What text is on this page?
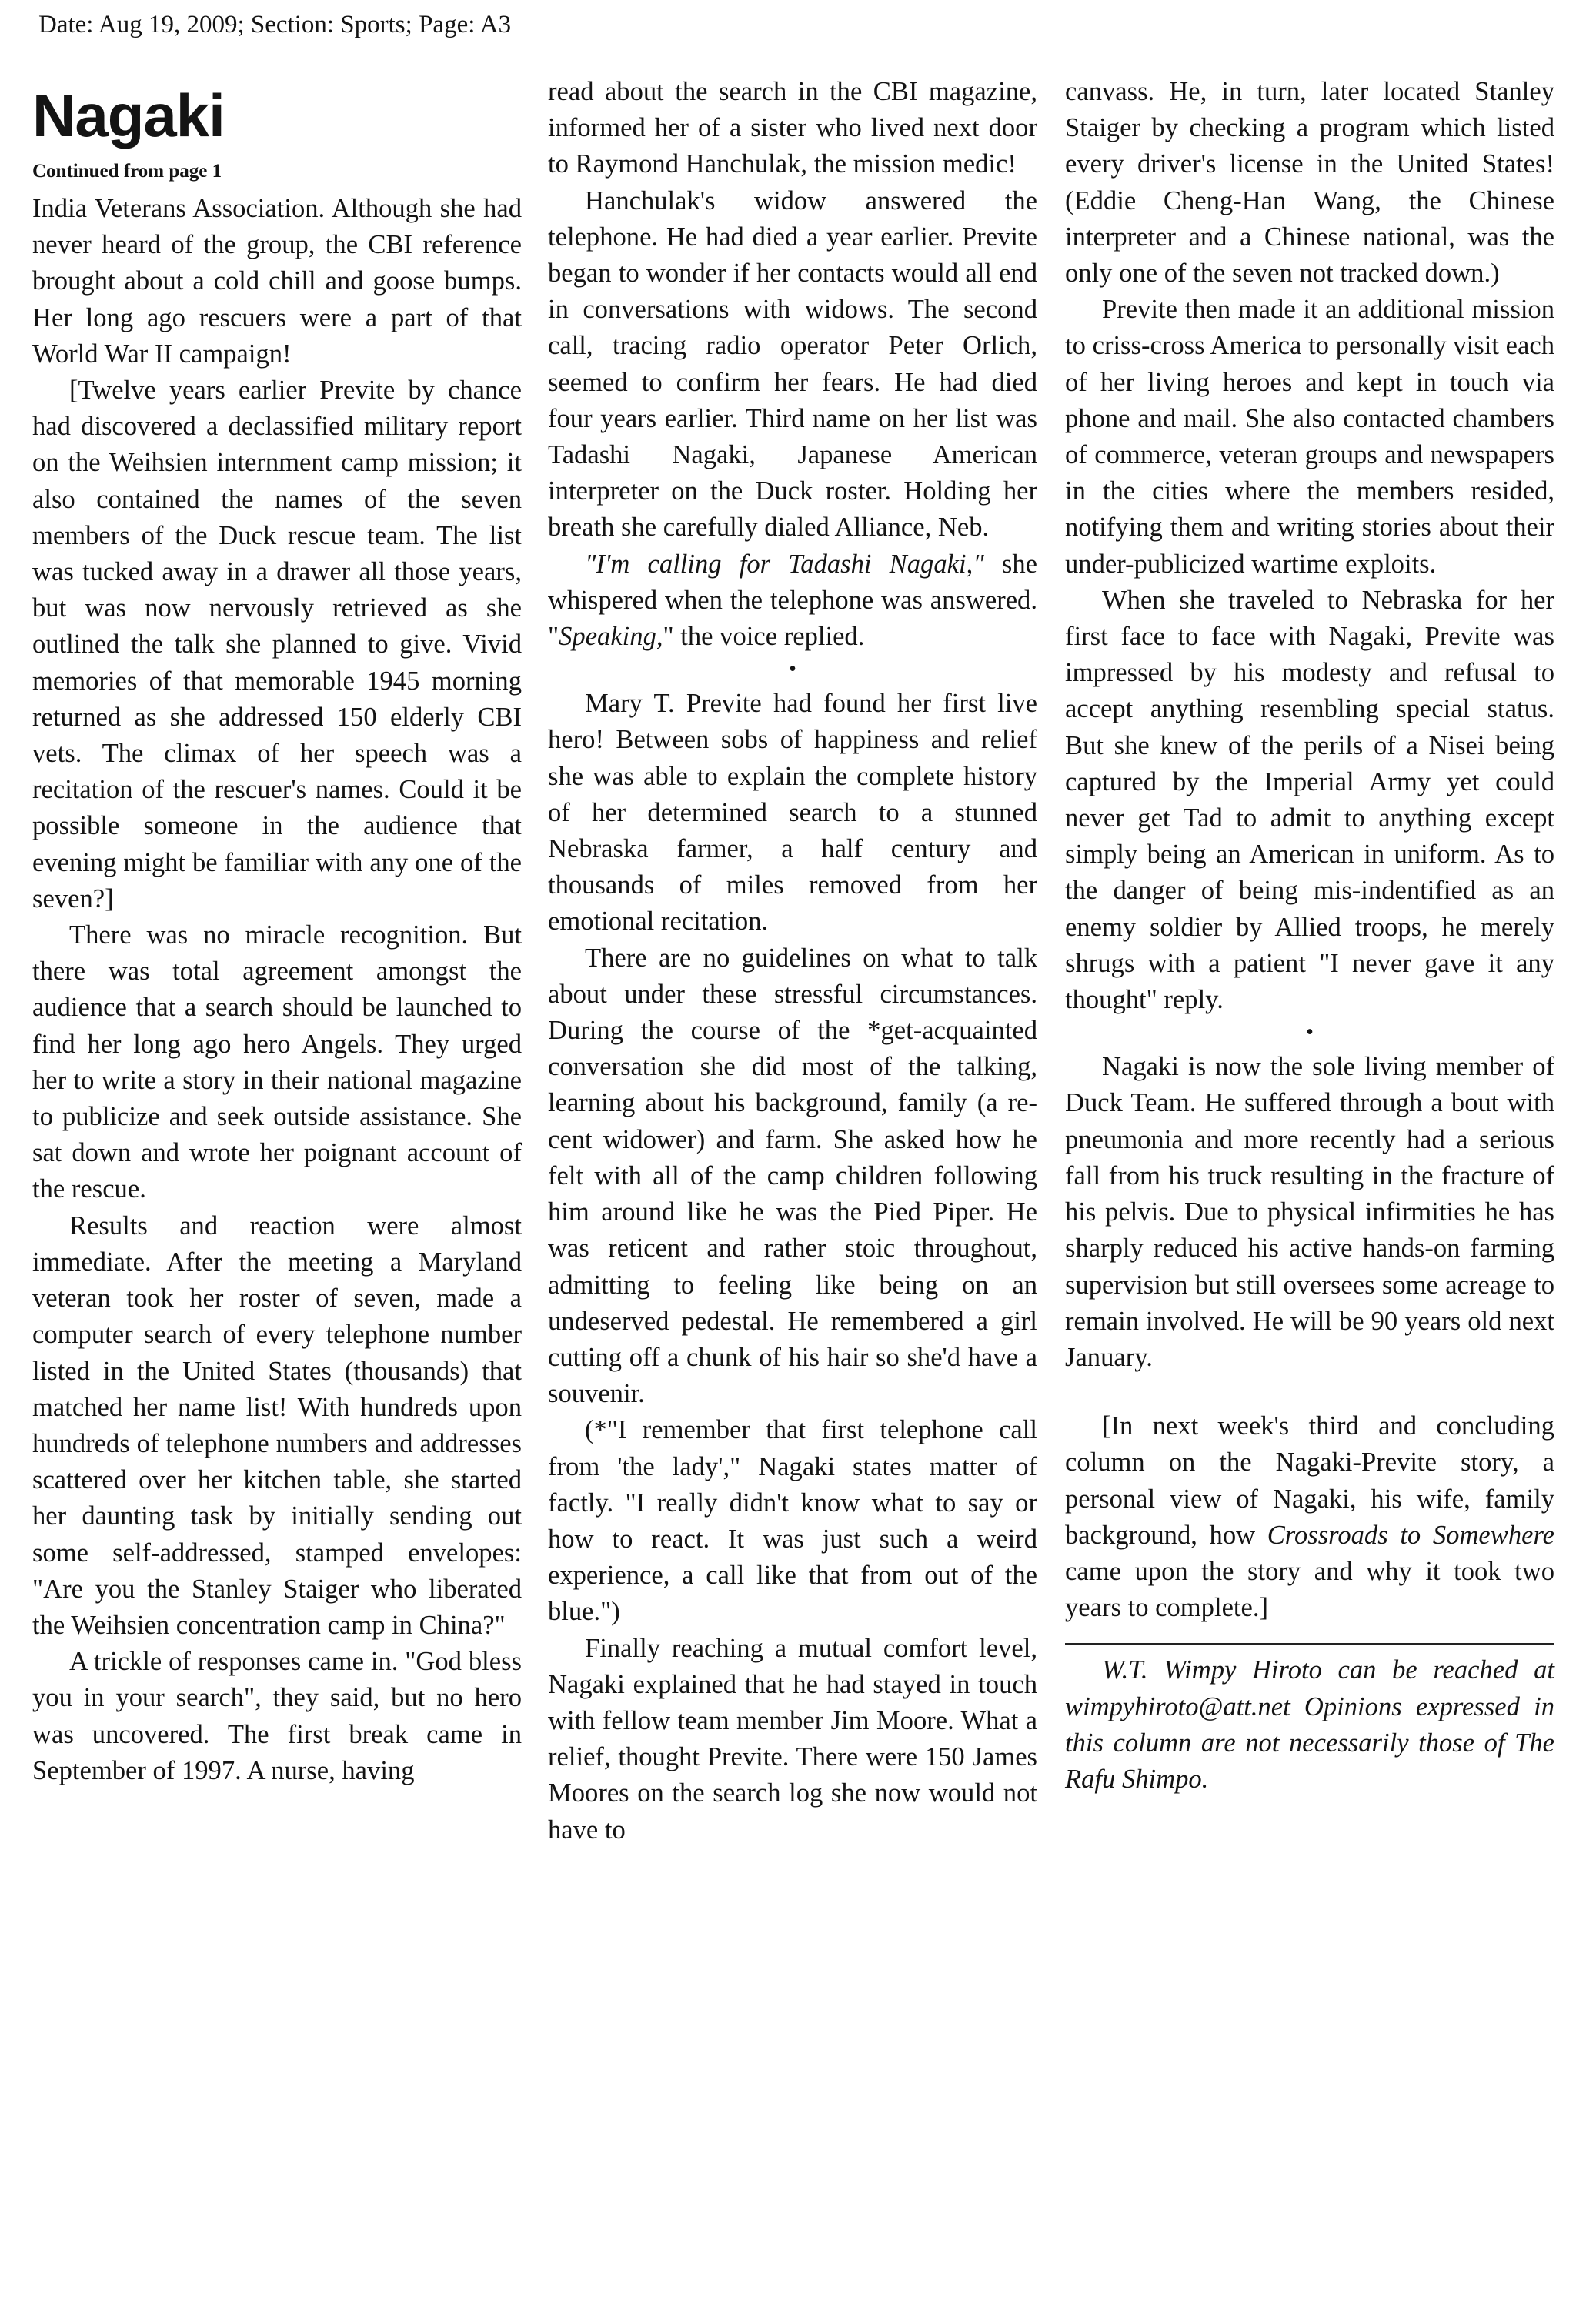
Date: Aug 19, 2009; Section: Sports; Page: A3
Nagaki
Continued from page 1

India Veterans Association. Although she had never heard of the group, the CBI reference brought about a cold chill and goose bumps. Her long ago rescuers were a part of that World War II campaign!

[Twelve years earlier Previte by chance had discovered a declassified military report on the Weihsien internment camp mission; it also contained the names of the seven members of the Duck rescue team. The list was tucked away in a drawer all those years, but was now nervously retrieved as she outlined the talk she planned to give. Vivid memories of that memorable 1945 morning returned as she addressed 150 elderly CBI vets. The climax of her speech was a recitation of the rescuer's names. Could it be possible someone in the audience that evening might be familiar with any one of the seven?]

There was no miracle recognition. But there was total agreement amongst the audience that a search should be launched to find her long ago hero Angels. They urged her to write a story in their national magazine to publicize and seek outside assistance. She sat down and wrote her poignant account of the rescue.

Results and reaction were almost immediate. After the meeting a Maryland veteran took her roster of seven, made a computer search of every telephone number listed in the United States (thousands) that matched her name list! With hundreds upon hundreds of telephone numbers and addresses scattered over her kitchen table, she started her daunting task by initially sending out some self-addressed, stamped envelopes: "Are you the Stanley Staiger who liberated the Weihsien concentration camp in China?"

A trickle of responses came in. "God bless you in your search", they said, but no hero was uncovered. The first break came in September of 1997. A nurse, having

read about the search in the CBI magazine, informed her of a sister who lived next door to Raymond Hanchulak, the mission medic!

Hanchulak's widow answered the telephone. He had died a year earlier. Previte began to wonder if her contacts would all end in conversations with widows. The second call, tracing radio operator Peter Orlich, seemed to confirm her fears. He had died four years earlier. Third name on her list was Tadashi Nagaki, Japanese American interpreter on the Duck roster. Holding her breath she carefully dialed Alliance, Neb.

"I'm calling for Tadashi Nagaki," she whispered when the telephone was answered. "Speaking," the voice replied.

•

Mary T. Previte had found her first live hero! Between sobs of happiness and relief she was able to explain the complete history of her determined search to a stunned Nebraska farmer, a half century and thousands of miles removed from her emotional recitation.

There are no guidelines on what to talk about under these stressful circumstances. During the course of the *get-acquainted conversation she did most of the talking, learning about his background, family (a recent widower) and farm. She asked how he felt with all of the camp children following him around like he was the Pied Piper. He was reticent and rather stoic throughout, admitting to feeling like being on an undeserved pedestal. He remembered a girl cutting off a chunk of his hair so she'd have a souvenir.

(*"I remember that first telephone call from 'the lady'," Nagaki states matter of factly. "I really didn't know what to say or how to react. It was just such a weird experience, a call like that from out of the blue.")

Finally reaching a mutual comfort level, Nagaki explained that he had stayed in touch with fellow team member Jim Moore. What a relief, thought Previte. There were 150 James Moores on the search log she now would not have to

canvass. He, in turn, later located Stanley Staiger by checking a program which listed every driver's license in the United States! (Eddie Cheng-Han Wang, the Chinese interpreter and a Chinese national, was the only one of the seven not tracked down.)

Previte then made it an additional mission to criss-cross America to personally visit each of her living heroes and kept in touch via phone and mail. She also contacted chambers of commerce, veteran groups and newspapers in the cities where the members resided, notifying them and writing stories about their under-publicized wartime exploits.

When she traveled to Nebraska for her first face to face with Nagaki, Previte was impressed by his modesty and refusal to accept anything resembling special status. But she knew of the perils of a Nisei being captured by the Imperial Army yet could never get Tad to admit to anything except simply being an American in uniform. As to the danger of being mis-indentified as an enemy soldier by Allied troops, he merely shrugs with a patient "I never gave it any thought" reply.

•

Nagaki is now the sole living member of Duck Team. He suffered through a bout with pneumonia and more recently had a serious fall from his truck resulting in the fracture of his pelvis. Due to physical infirmities he has sharply reduced his active hands-on farming supervision but still oversees some acreage to remain involved. He will be 90 years old next January.

[In next week's third and concluding column on the Nagaki-Previte story, a personal view of Nagaki, his wife, family background, how Crossroads to Somewhere came upon the story and why it took two years to complete.]

W.T. Wimpy Hiroto can be reached at wimpyhiroto@att.net Opinions expressed in this column are not necessarily those of The Rafu Shimpo.
